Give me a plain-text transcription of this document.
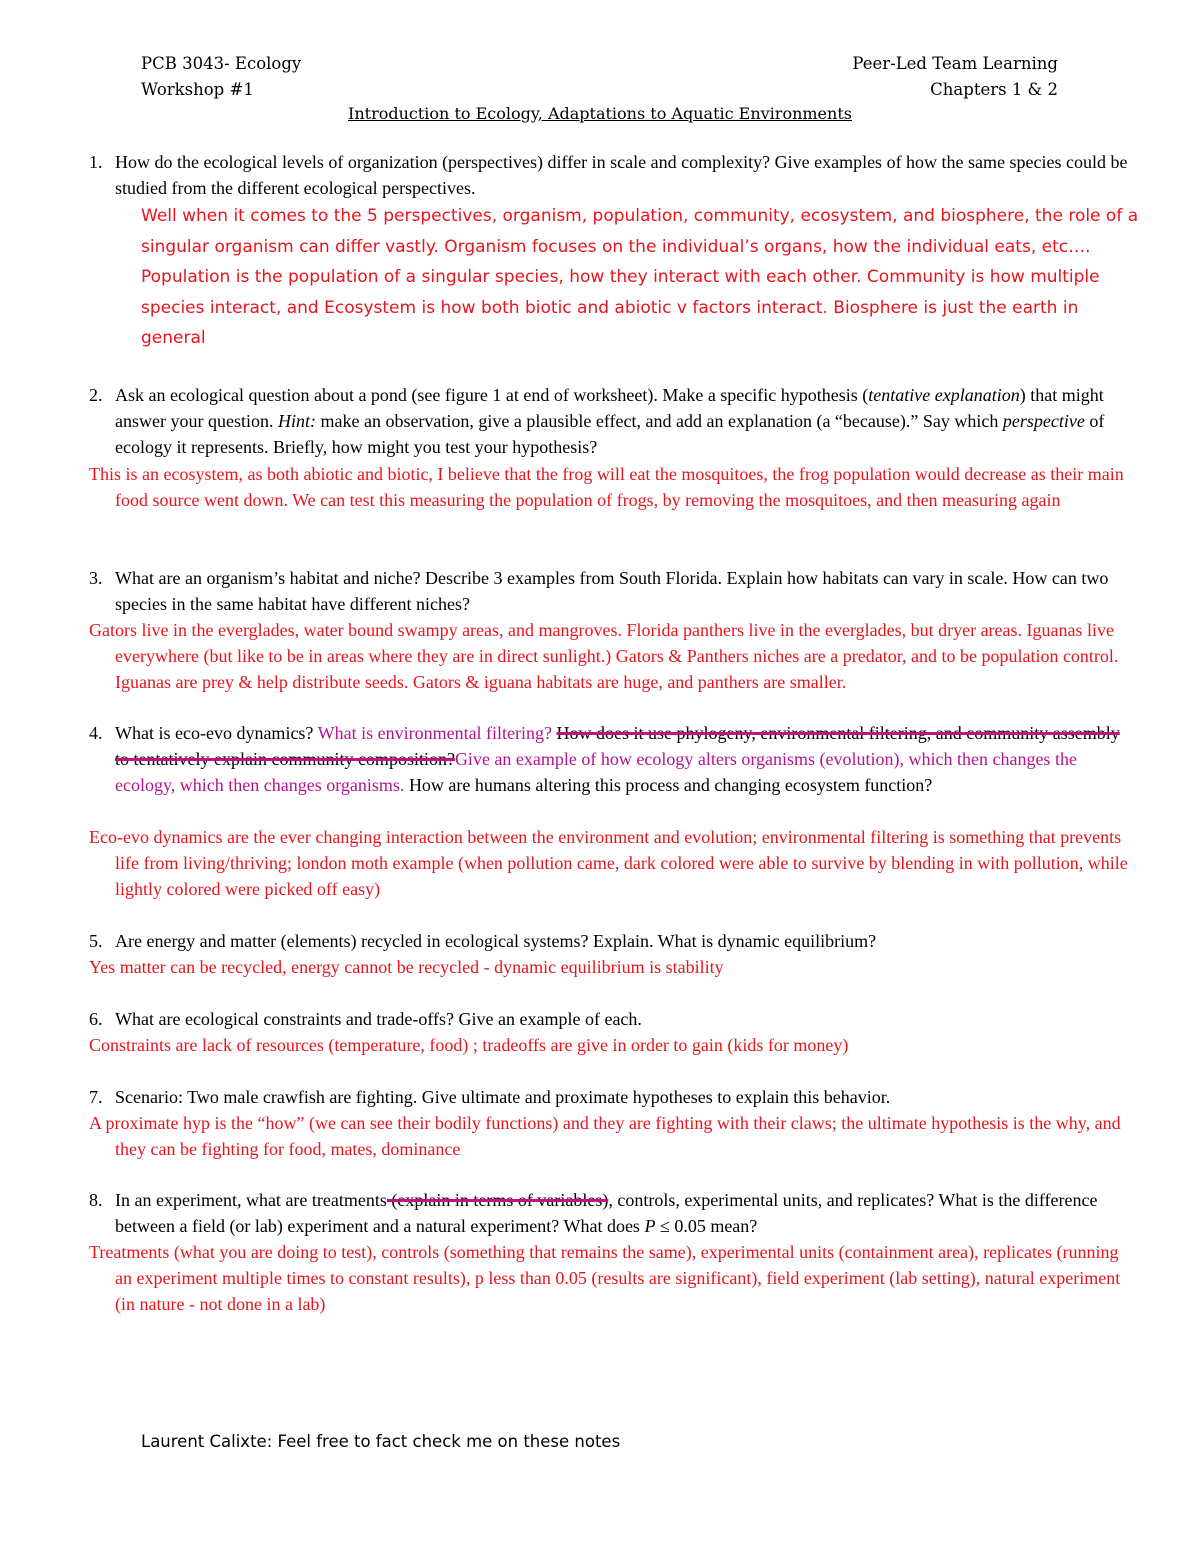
PCB 3043- Ecology
Workshop #1
Peer-Led Team Learning
Chapters 1 & 2
Introduction to Ecology, Adaptations to Aquatic Environments
1. How do the ecological levels of organization (perspectives) differ in scale and complexity? Give examples of how the same species could be studied from the different ecological perspectives.
Well when it comes to the 5 perspectives, organism, population, community, ecosystem, and biosphere, the role of a singular organism can differ vastly. Organism focuses on the individual’s organs, how the individual eats, etc…. Population is the population of a singular species, how they interact with each other. Community is how multiple species interact, and Ecosystem is how both biotic and abiotic v factors interact. Biosphere is just the earth in general
2. Ask an ecological question about a pond (see figure 1 at end of worksheet). Make a specific hypothesis (tentative explanation) that might answer your question. Hint: make an observation, give a plausible effect, and add an explanation (a “because).” Say which perspective of ecology it represents. Briefly, how might you test your hypothesis?
This is an ecosystem, as both abiotic and biotic, I believe that the frog will eat the mosquitoes, the frog population would decrease as their main food source went down. We can test this measuring the population of frogs, by removing the mosquitoes, and then measuring again
3. What are an organism’s habitat and niche? Describe 3 examples from South Florida. Explain how habitats can vary in scale. How can two species in the same habitat have different niches?
Gators live in the everglades, water bound swampy areas, and mangroves. Florida panthers live in the everglades, but dryer areas. Iguanas live everywhere (but like to be in areas where they are in direct sunlight.) Gators & Panthers niches are a predator, and to be population control. Iguanas are prey & help distribute seeds. Gators & iguana habitats are huge, and panthers are smaller.
4. What is eco-evo dynamics? What is environmental filtering? How does it use phylogeny, environmental filtering, and community assembly to tentatively explain community composition?Give an example of how ecology alters organisms (evolution), which then changes the ecology, which then changes organisms. How are humans altering this process and changing ecosystem function?
Eco-evo dynamics are the ever changing interaction between the environment and evolution; environmental filtering is something that prevents life from living/thriving; london moth example (when pollution came, dark colored were able to survive by blending in with pollution, while lightly colored were picked off easy)
5. Are energy and matter (elements) recycled in ecological systems? Explain. What is dynamic equilibrium?
Yes matter can be recycled, energy cannot be recycled - dynamic equilibrium is stability
6. What are ecological constraints and trade-offs? Give an example of each.
Constraints are lack of resources (temperature, food) ; tradeoffs are give in order to gain (kids for money)
7. Scenario: Two male crawfish are fighting. Give ultimate and proximate hypotheses to explain this behavior.
A proximate hyp is the “how” (we can see their bodily functions) and they are fighting with their claws; the ultimate hypothesis is the why, and they can be fighting for food, mates, dominance
8. In an experiment, what are treatments (explain in terms of variables), controls, experimental units, and replicates? What is the difference between a field (or lab) experiment and a natural experiment? What does P ≤ 0.05 mean?
Treatments (what you are doing to test), controls (something that remains the same), experimental units (containment area), replicates (running an experiment multiple times to constant results), p less than 0.05 (results are significant), field experiment (lab setting), natural experiment (in nature - not done in a lab)
Laurent Calixte: Feel free to fact check me on these notes
